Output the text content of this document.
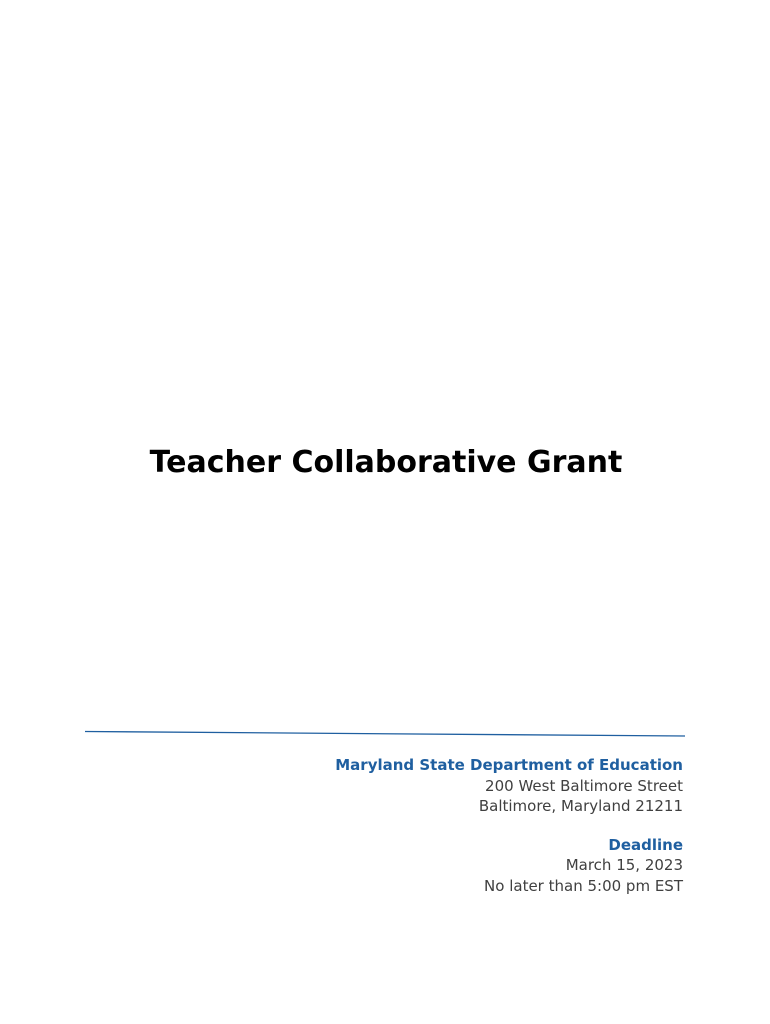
Teacher Collaborative Grant
Maryland State Department of Education
200 West Baltimore Street
Baltimore, Maryland 21211
Deadline
March 15, 2023
No later than 5:00 pm EST
